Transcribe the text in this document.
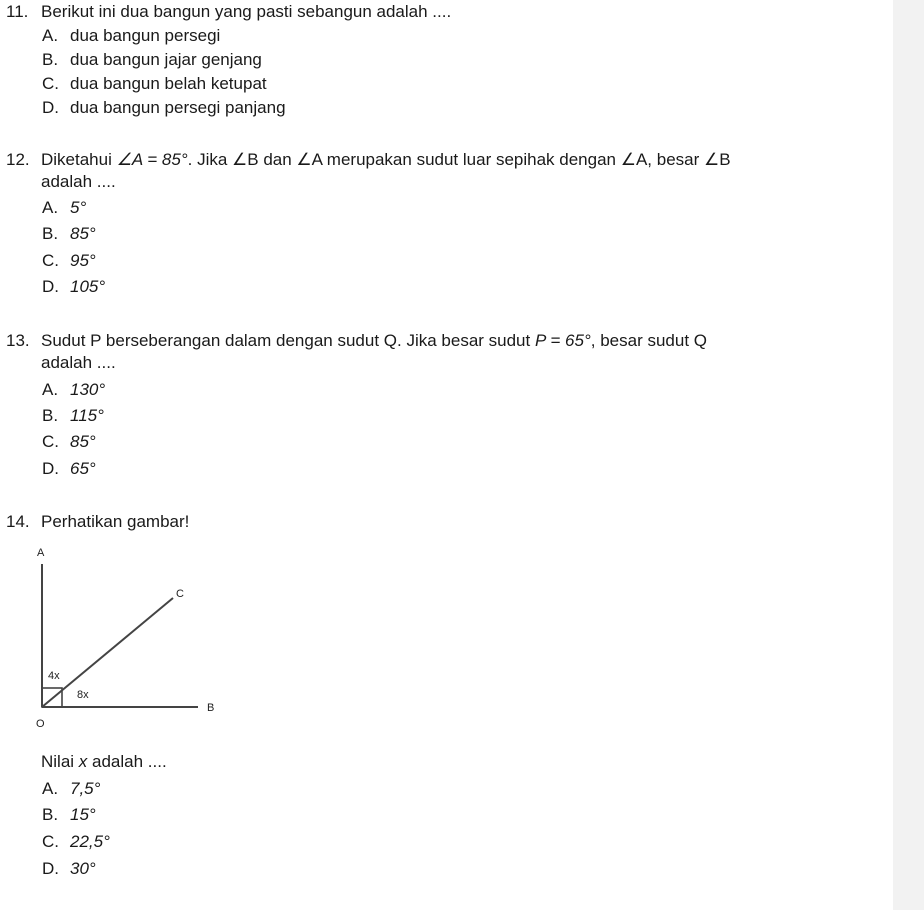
11. Berikut ini dua bangun yang pasti sebangun adalah ....
A. dua bangun persegi
B. dua bangun jajar genjang
C. dua bangun belah ketupat
D. dua bangun persegi panjang
12. Diketahui ∠A = 85°. Jika ∠B dan ∠A merupakan sudut luar sepihak dengan ∠A, besar ∠B
adalah ....
A. 5°
B. 85°
C. 95°
D. 105°
13. Sudut P berseberangan dalam dengan sudut Q. Jika besar sudut P = 65°, besar sudut Q
adalah ....
A. 130°
B. 115°
C. 85°
D. 65°
14. Perhatikan gambar!
A
C
B
O
4x
8x
Nilai x adalah ....
A. 7,5°
B. 15°
C. 22,5°
D. 30°
